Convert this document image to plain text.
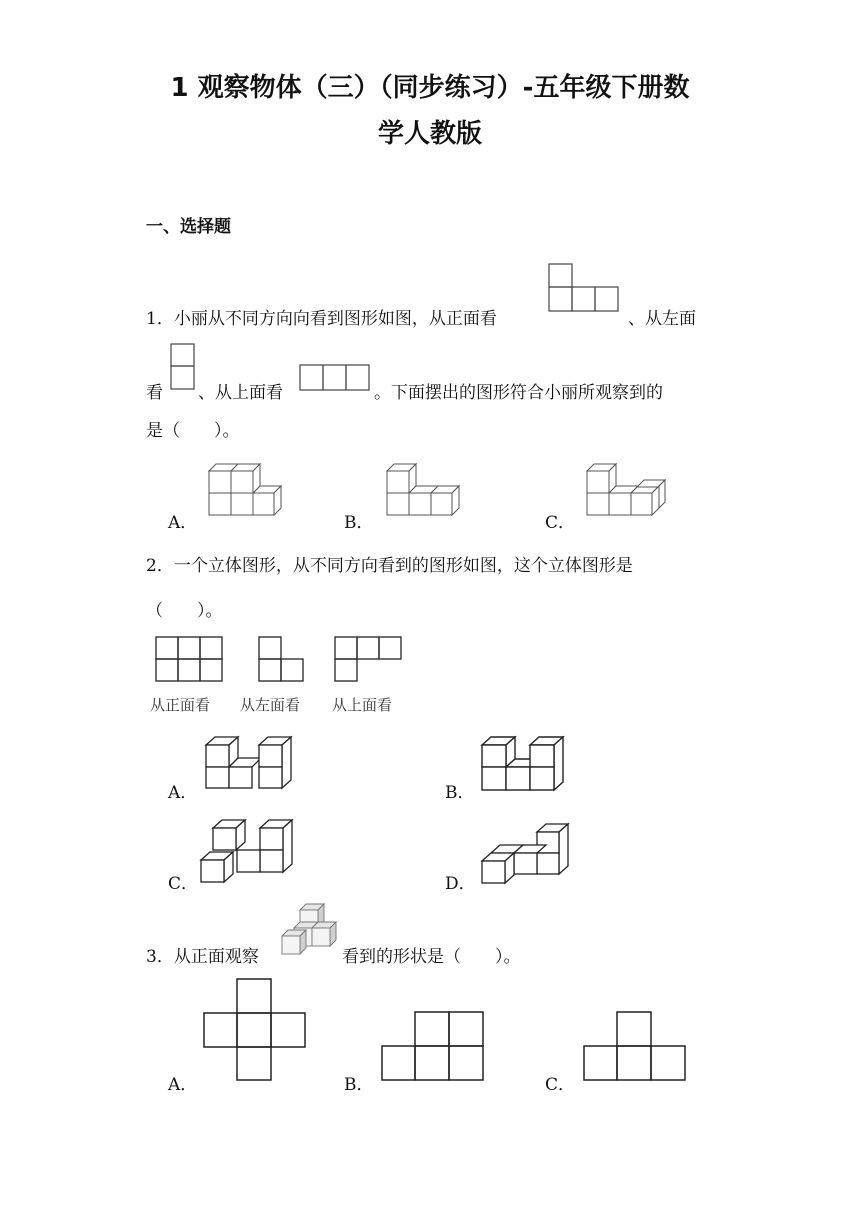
1 观察物体（三）（同步练习）-五年级下册数
学人教版
一、选择题
1．小丽从不同方向向看到图形如图，从正面看	、从左面
看 、从上面看	。下面摆出的图形符合小丽所观察到的
是（　　）。
A．	B．	C．
2．一个立体图形，从不同方向看到的图形如图，这个立体图形是
（　　）。
从正面看 从左面看 从上面看
A．	B．
C．	D．
3．从正面观察	看到的形状是（　　）。
A．	B．	C．
